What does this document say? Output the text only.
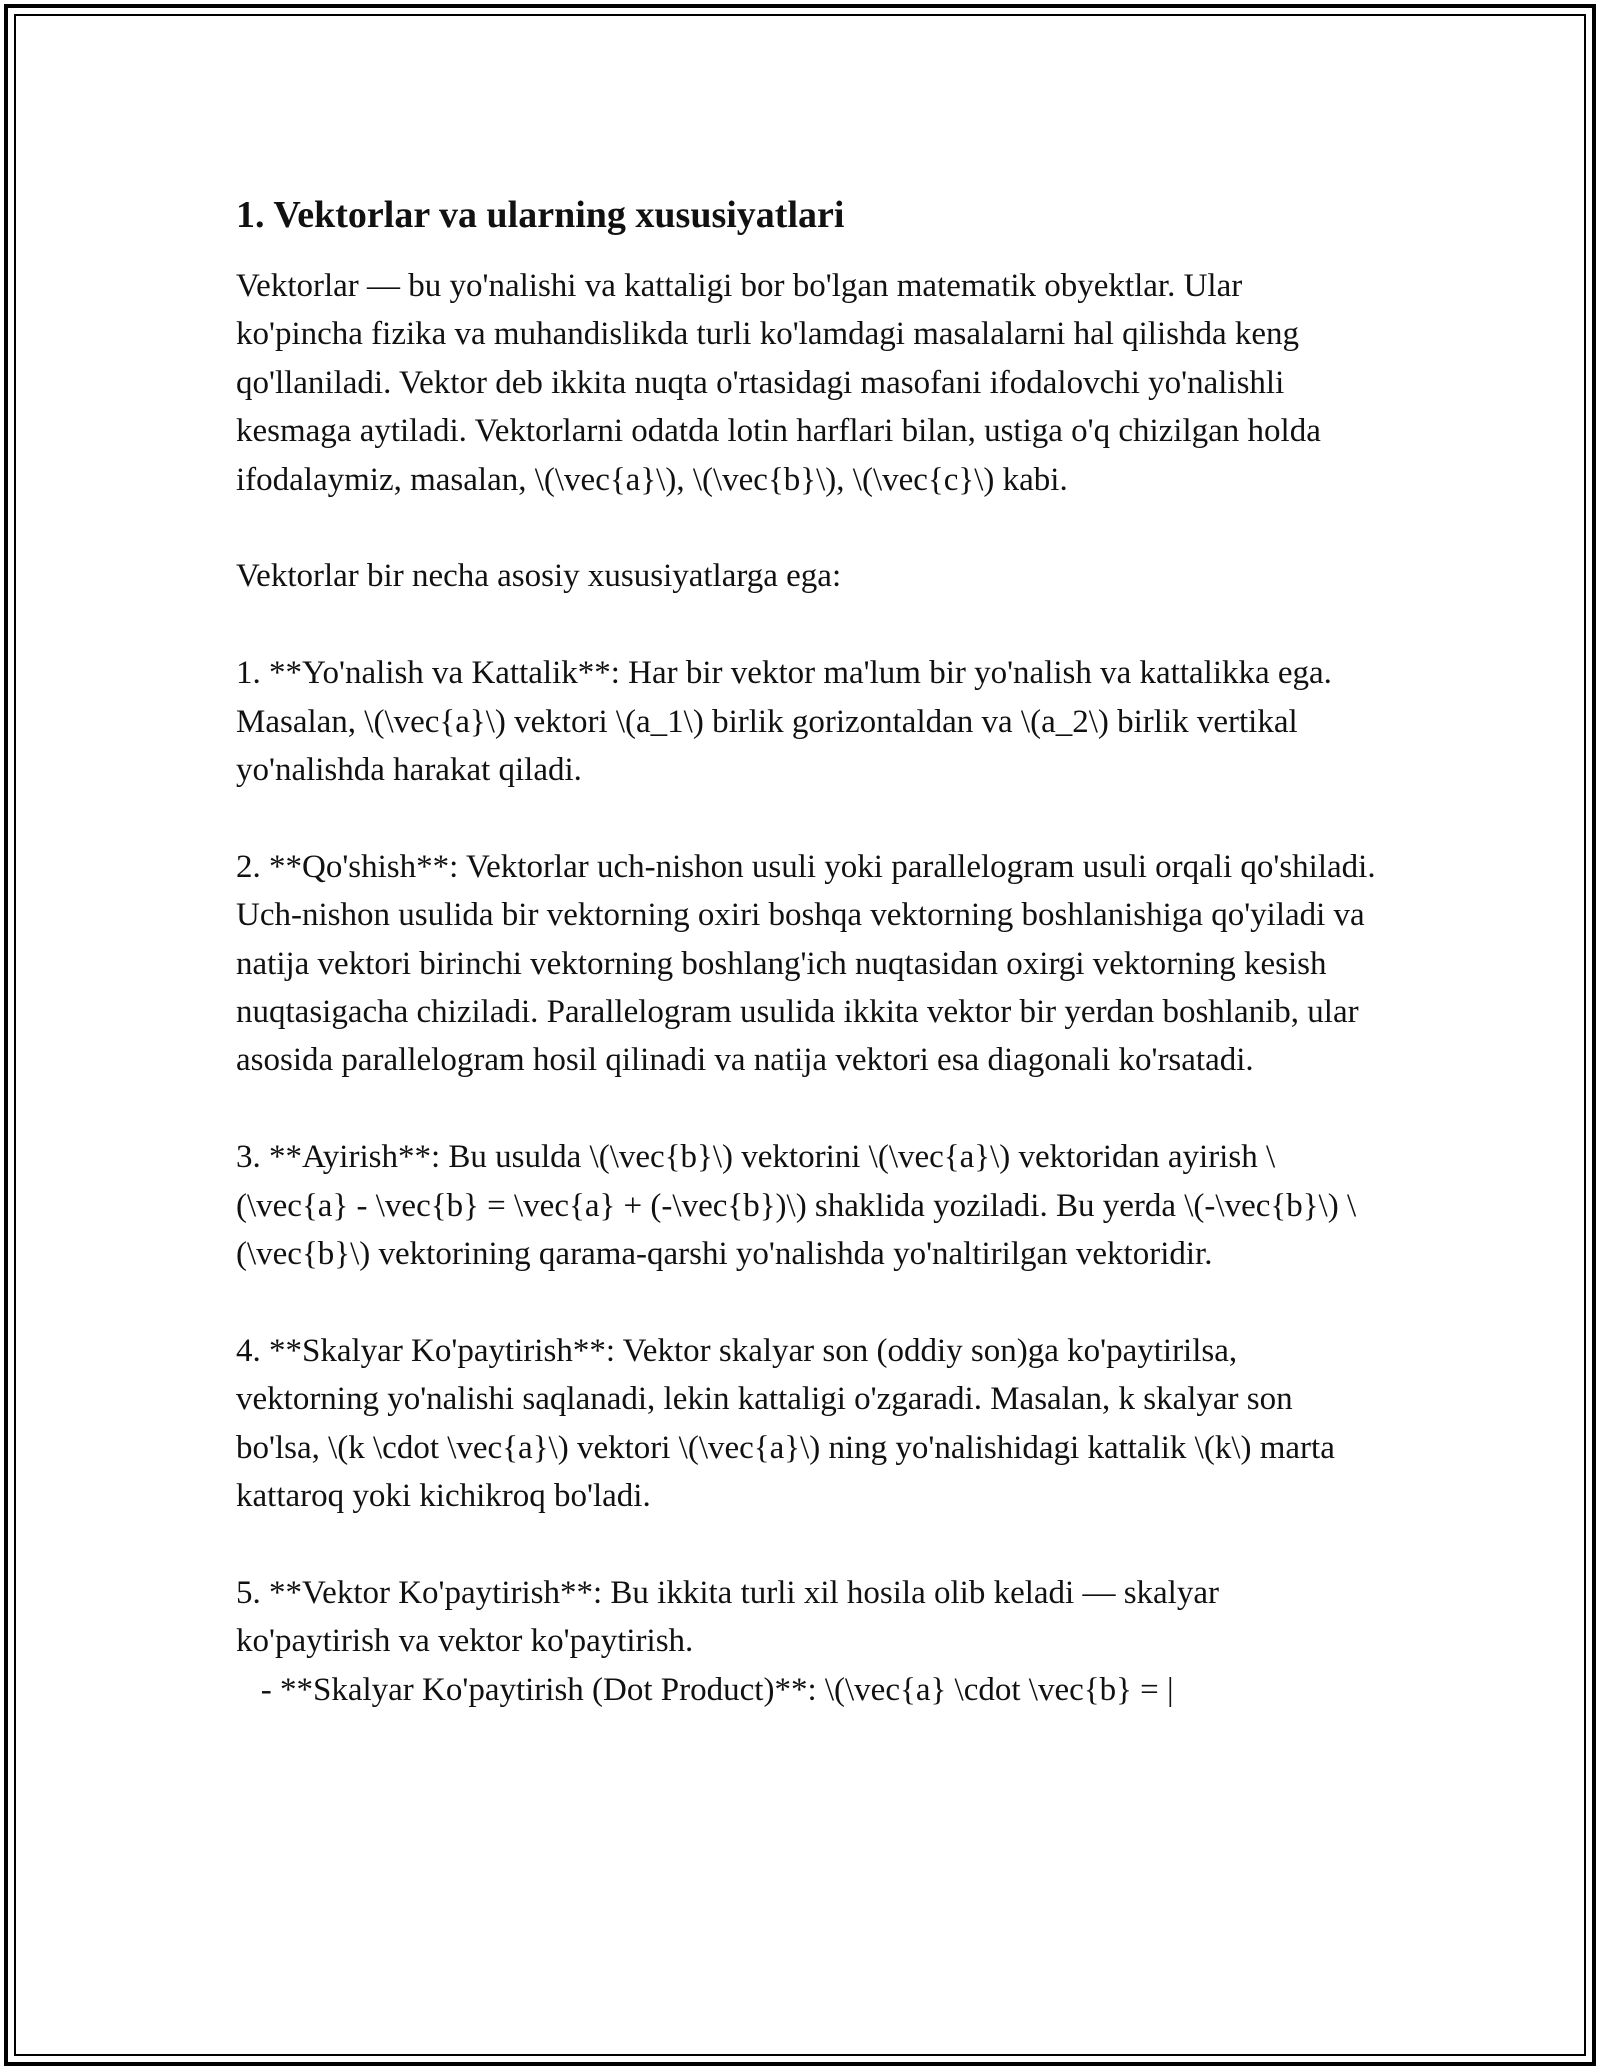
1. Vektorlar va ularning xususiyatlari

Vektorlar — bu yo'nalishi va kattaligi bor bo'lgan matematik obyektlar. Ular ko'pincha fizika va muhandislikda turli ko'lamdagi masalalarni hal qilishda keng qo'llaniladi. Vektor deb ikkita nuqta o'rtasidagi masofani ifodalovchi yo'nalishli kesmaga aytiladi. Vektorlarni odatda lotin harflari bilan, ustiga o'q chizilgan holda ifodalaymiz, masalan, \(\vec{a}\), \(\vec{b}\), \(\vec{c}\) kabi.

Vektorlar bir necha asosiy xususiyatlarga ega:

1. **Yo'nalish va Kattalik**: Har bir vektor ma'lum bir yo'nalish va kattalikka ega. Masalan, \(\vec{a}\) vektori \(a_1\) birlik gorizontaldan va \(a_2\) birlik vertikal yo'nalishda harakat qiladi.

2. **Qo'shish**: Vektorlar uch-nishon usuli yoki parallelogram usuli orqali qo'shiladi. Uch-nishon usulida bir vektorning oxiri boshqa vektorning boshlanishiga qo'yiladi va natija vektori birinchi vektorning boshlang'ich nuqtasidan oxirgi vektorning kesish nuqtasigacha chiziladi. Parallelogram usulida ikkita vektor bir yerdan boshlanib, ular asosida parallelogram hosil qilinadi va natija vektori esa diagonali ko'rsatadi.

3. **Ayirish**: Bu usulda \(\vec{b}\) vektorini \(\vec{a}\) vektoridan ayirish \(\vec{a} - \vec{b} = \vec{a} + (-\vec{b})\) shaklida yoziladi. Bu yerda \(-\vec{b}\) \(\vec{b}\) vektorining qarama-qarshi yo'nalishda yo'naltirilgan vektoridir.

4. **Skalyar Ko'paytirish**: Vektor skalyar son (oddiy son)ga ko'paytirilsa, vektorning yo'nalishi saqlanadi, lekin kattaligi o'zgaradi. Masalan, k skalyar son bo'lsa, \(k \cdot \vec{a}\) vektori \(\vec{a}\) ning yo'nalishidagi kattalik \(k\) marta kattaroq yoki kichikroq bo'ladi.

5. **Vektor Ko'paytirish**: Bu ikkita turli xil hosila olib keladi — skalyar ko'paytirish va vektor ko'paytirish.
- **Skalyar Ko'paytirish (Dot Product)**: \(\vec{a} \cdot \vec{b} = |
